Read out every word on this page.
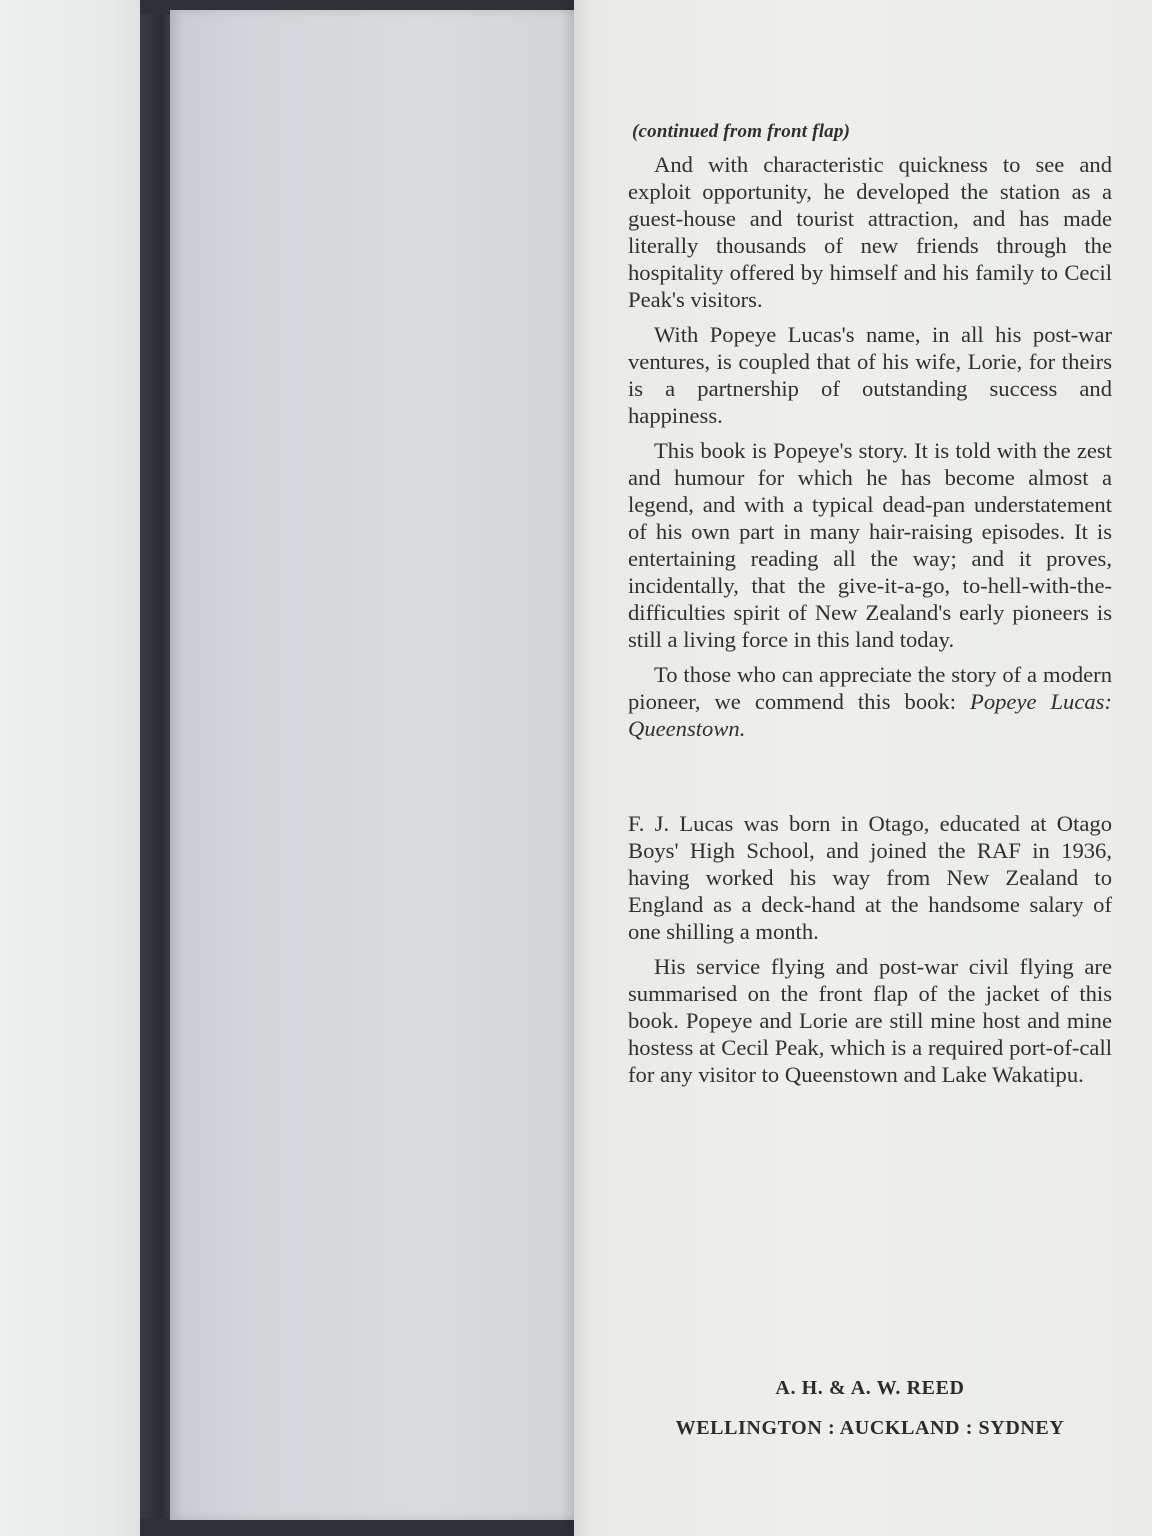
(continued from front flap)

And with characteristic quickness to see and exploit opportunity, he developed the station as a guest-house and tourist attraction, and has made literally thousands of new friends through the hospitality offered by himself and his family to Cecil Peak's visitors.

With Popeye Lucas's name, in all his post-war ventures, is coupled that of his wife, Lorie, for theirs is a partnership of outstanding success and happiness.

This book is Popeye's story. It is told with the zest and humour for which he has become almost a legend, and with a typical dead-pan understatement of his own part in many hair-raising episodes. It is entertaining reading all the way; and it proves, incidentally, that the give-it-a-go, to-hell-with-the-difficulties spirit of New Zealand's early pioneers is still a living force in this land today.

To those who can appreciate the story of a modern pioneer, we commend this book: Popeye Lucas: Queenstown.

F. J. Lucas was born in Otago, educated at Otago Boys' High School, and joined the RAF in 1936, having worked his way from New Zealand to England as a deck-hand at the handsome salary of one shilling a month.

His service flying and post-war civil flying are summarised on the front flap of the jacket of this book. Popeye and Lorie are still mine host and mine hostess at Cecil Peak, which is a required port-of-call for any visitor to Queenstown and Lake Wakatipu.

A. H. & A. W. REED
WELLINGTON : AUCKLAND : SYDNEY
